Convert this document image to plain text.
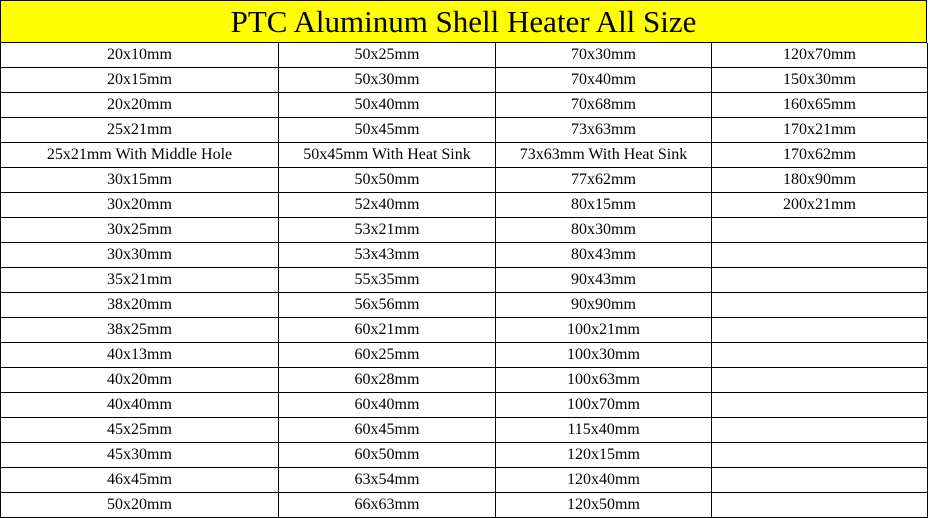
PTC Aluminum Shell Heater All Size
20x10mm	50x25mm	70x30mm	120x70mm
20x15mm	50x30mm	70x40mm	150x30mm
20x20mm	50x40mm	70x68mm	160x65mm
25x21mm	50x45mm	73x63mm	170x21mm
25x21mm With Middle Hole	50x45mm With Heat Sink	73x63mm With Heat Sink	170x62mm
30x15mm	50x50mm	77x62mm	180x90mm
30x20mm	52x40mm	80x15mm	200x21mm
30x25mm	53x21mm	80x30mm	
30x30mm	53x43mm	80x43mm	
35x21mm	55x35mm	90x43mm	
38x20mm	56x56mm	90x90mm	
38x25mm	60x21mm	100x21mm	
40x13mm	60x25mm	100x30mm	
40x20mm	60x28mm	100x63mm	
40x40mm	60x40mm	100x70mm	
45x25mm	60x45mm	115x40mm	
45x30mm	60x50mm	120x15mm	
46x45mm	63x54mm	120x40mm	
50x20mm	66x63mm	120x50mm	
